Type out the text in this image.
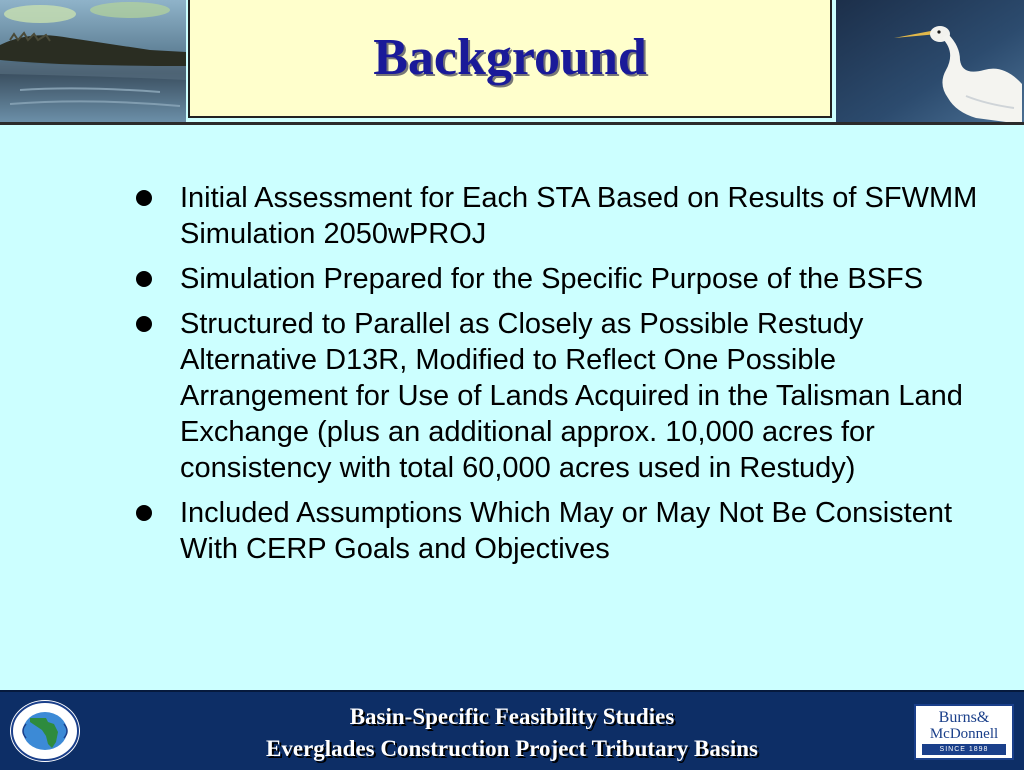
Background
Initial Assessment for Each STA Based on Results of SFWMM Simulation 2050wPROJ
Simulation Prepared for the Specific Purpose of the BSFS
Structured to Parallel as Closely as Possible Restudy Alternative D13R, Modified to Reflect One Possible Arrangement for Use of Lands Acquired in the Talisman Land Exchange (plus an additional approx. 10,000 acres for consistency with total 60,000 acres used in Restudy)
Included Assumptions Which May or May Not Be Consistent With CERP Goals and Objectives
Basin-Specific Feasibility Studies
Everglades Construction Project Tributary Basins
Burns&
McDonnell
SINCE 1898
